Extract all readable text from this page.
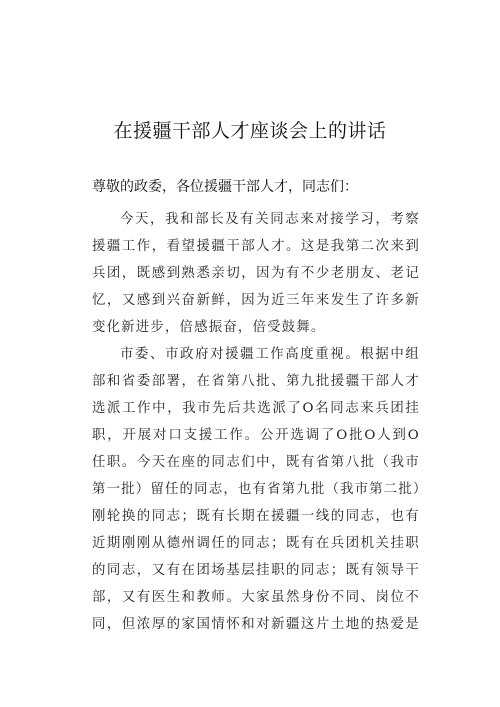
在援疆干部人才座谈会上的讲话
尊敬的政委，各位援疆干部人才，同志们：
今天，我和部长及有关同志来对接学习，考察
援疆工作，看望援疆干部人才。这是我第二次来到
兵团，既感到熟悉亲切，因为有不少老朋友、老记
忆，又感到兴奋新鲜，因为近三年来发生了许多新
变化新进步，倍感振奋，倍受鼓舞。
市委、市政府对援疆工作高度重视。根据中组
部和省委部署，在省第八批、第九批援疆干部人才
选派工作中，我市先后共选派了O名同志来兵团挂
职，开展对口支援工作。公开选调了O批O人到O
任职。今天在座的同志们中，既有省第八批（我市
第一批）留任的同志，也有省第九批（我市第二批）
刚轮换的同志；既有长期在援疆一线的同志，也有
近期刚刚从德州调任的同志；既有在兵团机关挂职
的同志，又有在团场基层挂职的同志；既有领导干
部，又有医生和教师。大家虽然身份不同、岗位不
同，但浓厚的家国情怀和对新疆这片土地的热爱是
